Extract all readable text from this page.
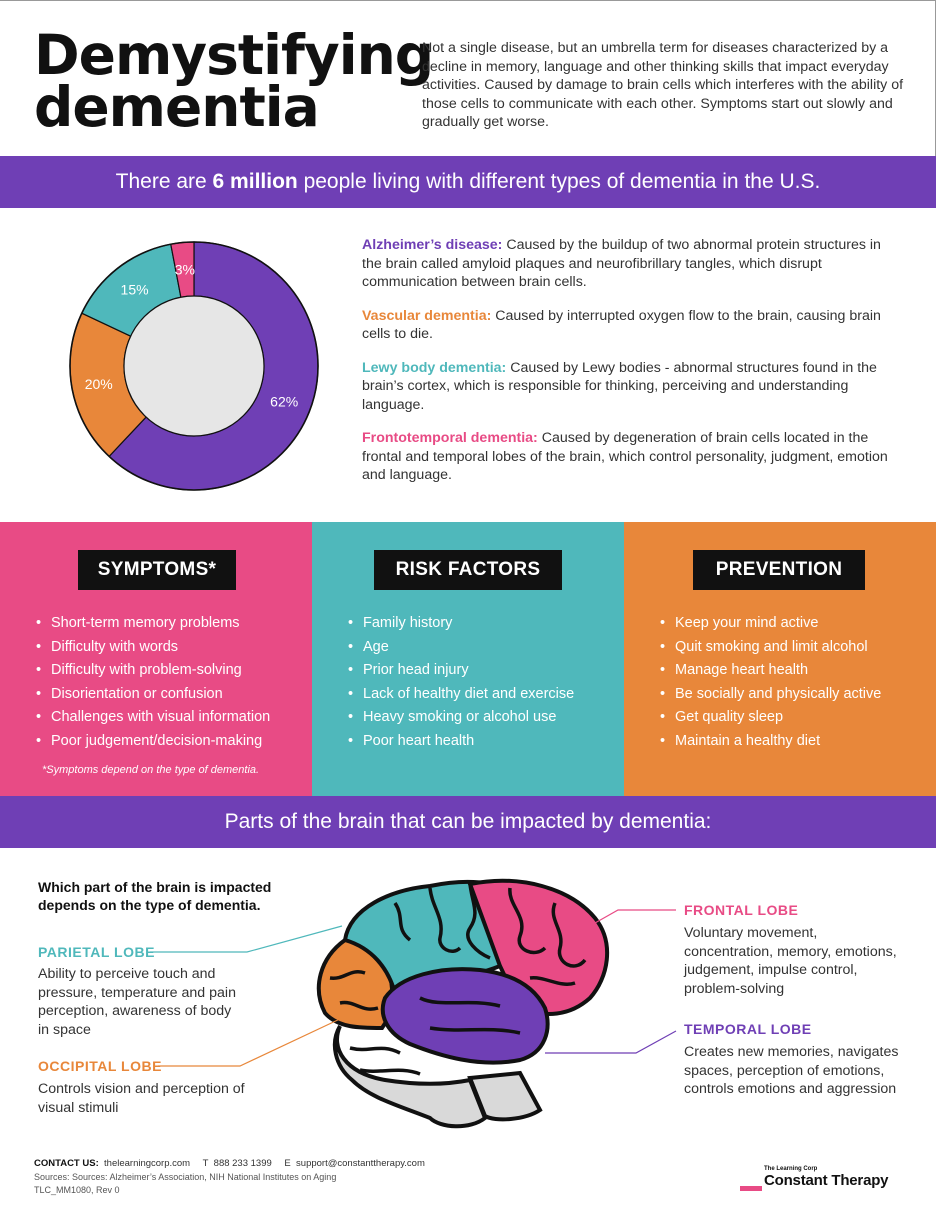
Demystifying
dementia

Not a single disease, but an umbrella term for diseases characterized by a decline in memory, language and other thinking skills that impact everyday activities. Caused by damage to brain cells which interferes with the ability of those cells to communicate with each other. Symptoms start out slowly and gradually get worse.

There are 6 million people living with different types of dementia in the U.S.
62%
20%
15%
3%

Alzheimer’s disease: Caused by the buildup of two abnormal protein structures in the brain called amyloid plaques and neurofibrillary tangles, which disrupt communication between brain cells.

Vascular dementia: Caused by interrupted oxygen flow to the brain, causing brain cells to die.

Lewy body dementia: Caused by Lewy bodies - abnormal structures found in the brain’s cortex, which is responsible for thinking, perceiving and understanding language.

Frontotemporal dementia: Caused by degeneration of brain cells located in the frontal and temporal lobes of the brain, which control personality, judgment, emotion and language.

SYMPTOMS*
• Short-term memory problems
• Difficulty with words
• Difficulty with problem-solving
• Disorientation or confusion
• Challenges with visual information
• Poor judgement/decision-making
*Symptoms depend on the type of dementia.
RISK FACTORS
• Family history
• Age
• Prior head injury
• Lack of healthy diet and exercise
• Heavy smoking or alcohol use
• Poor heart health
PREVENTION
• Keep your mind active
• Quit smoking and limit alcohol
• Manage heart health
• Be socially and physically active
• Get quality sleep
• Maintain a healthy diet
Parts of the brain that can be impacted by dementia:
Which part of the brain is impacted depends on the type of dementia.
PARIETAL LOBE
Ability to perceive touch and pressure, temperature and pain perception, awareness of body in space
OCCIPITAL LOBE
Controls vision and perception of visual stimuli
FRONTAL LOBE
Voluntary movement, concentration, memory, emotions, judgement, impulse control, problem-solving
TEMPORAL LOBE
Creates new memories, navigates spaces, perception of emotions, controls emotions and aggression
CONTACT US: thelearningcorp.com T 888 233 1399 E support@constanttherapy.com
Sources: Sources: Alzheimer’s Association, NIH National Institutes on Aging
TLC_MM1080, Rev 0
The Learning Corp
Constant Therapy
